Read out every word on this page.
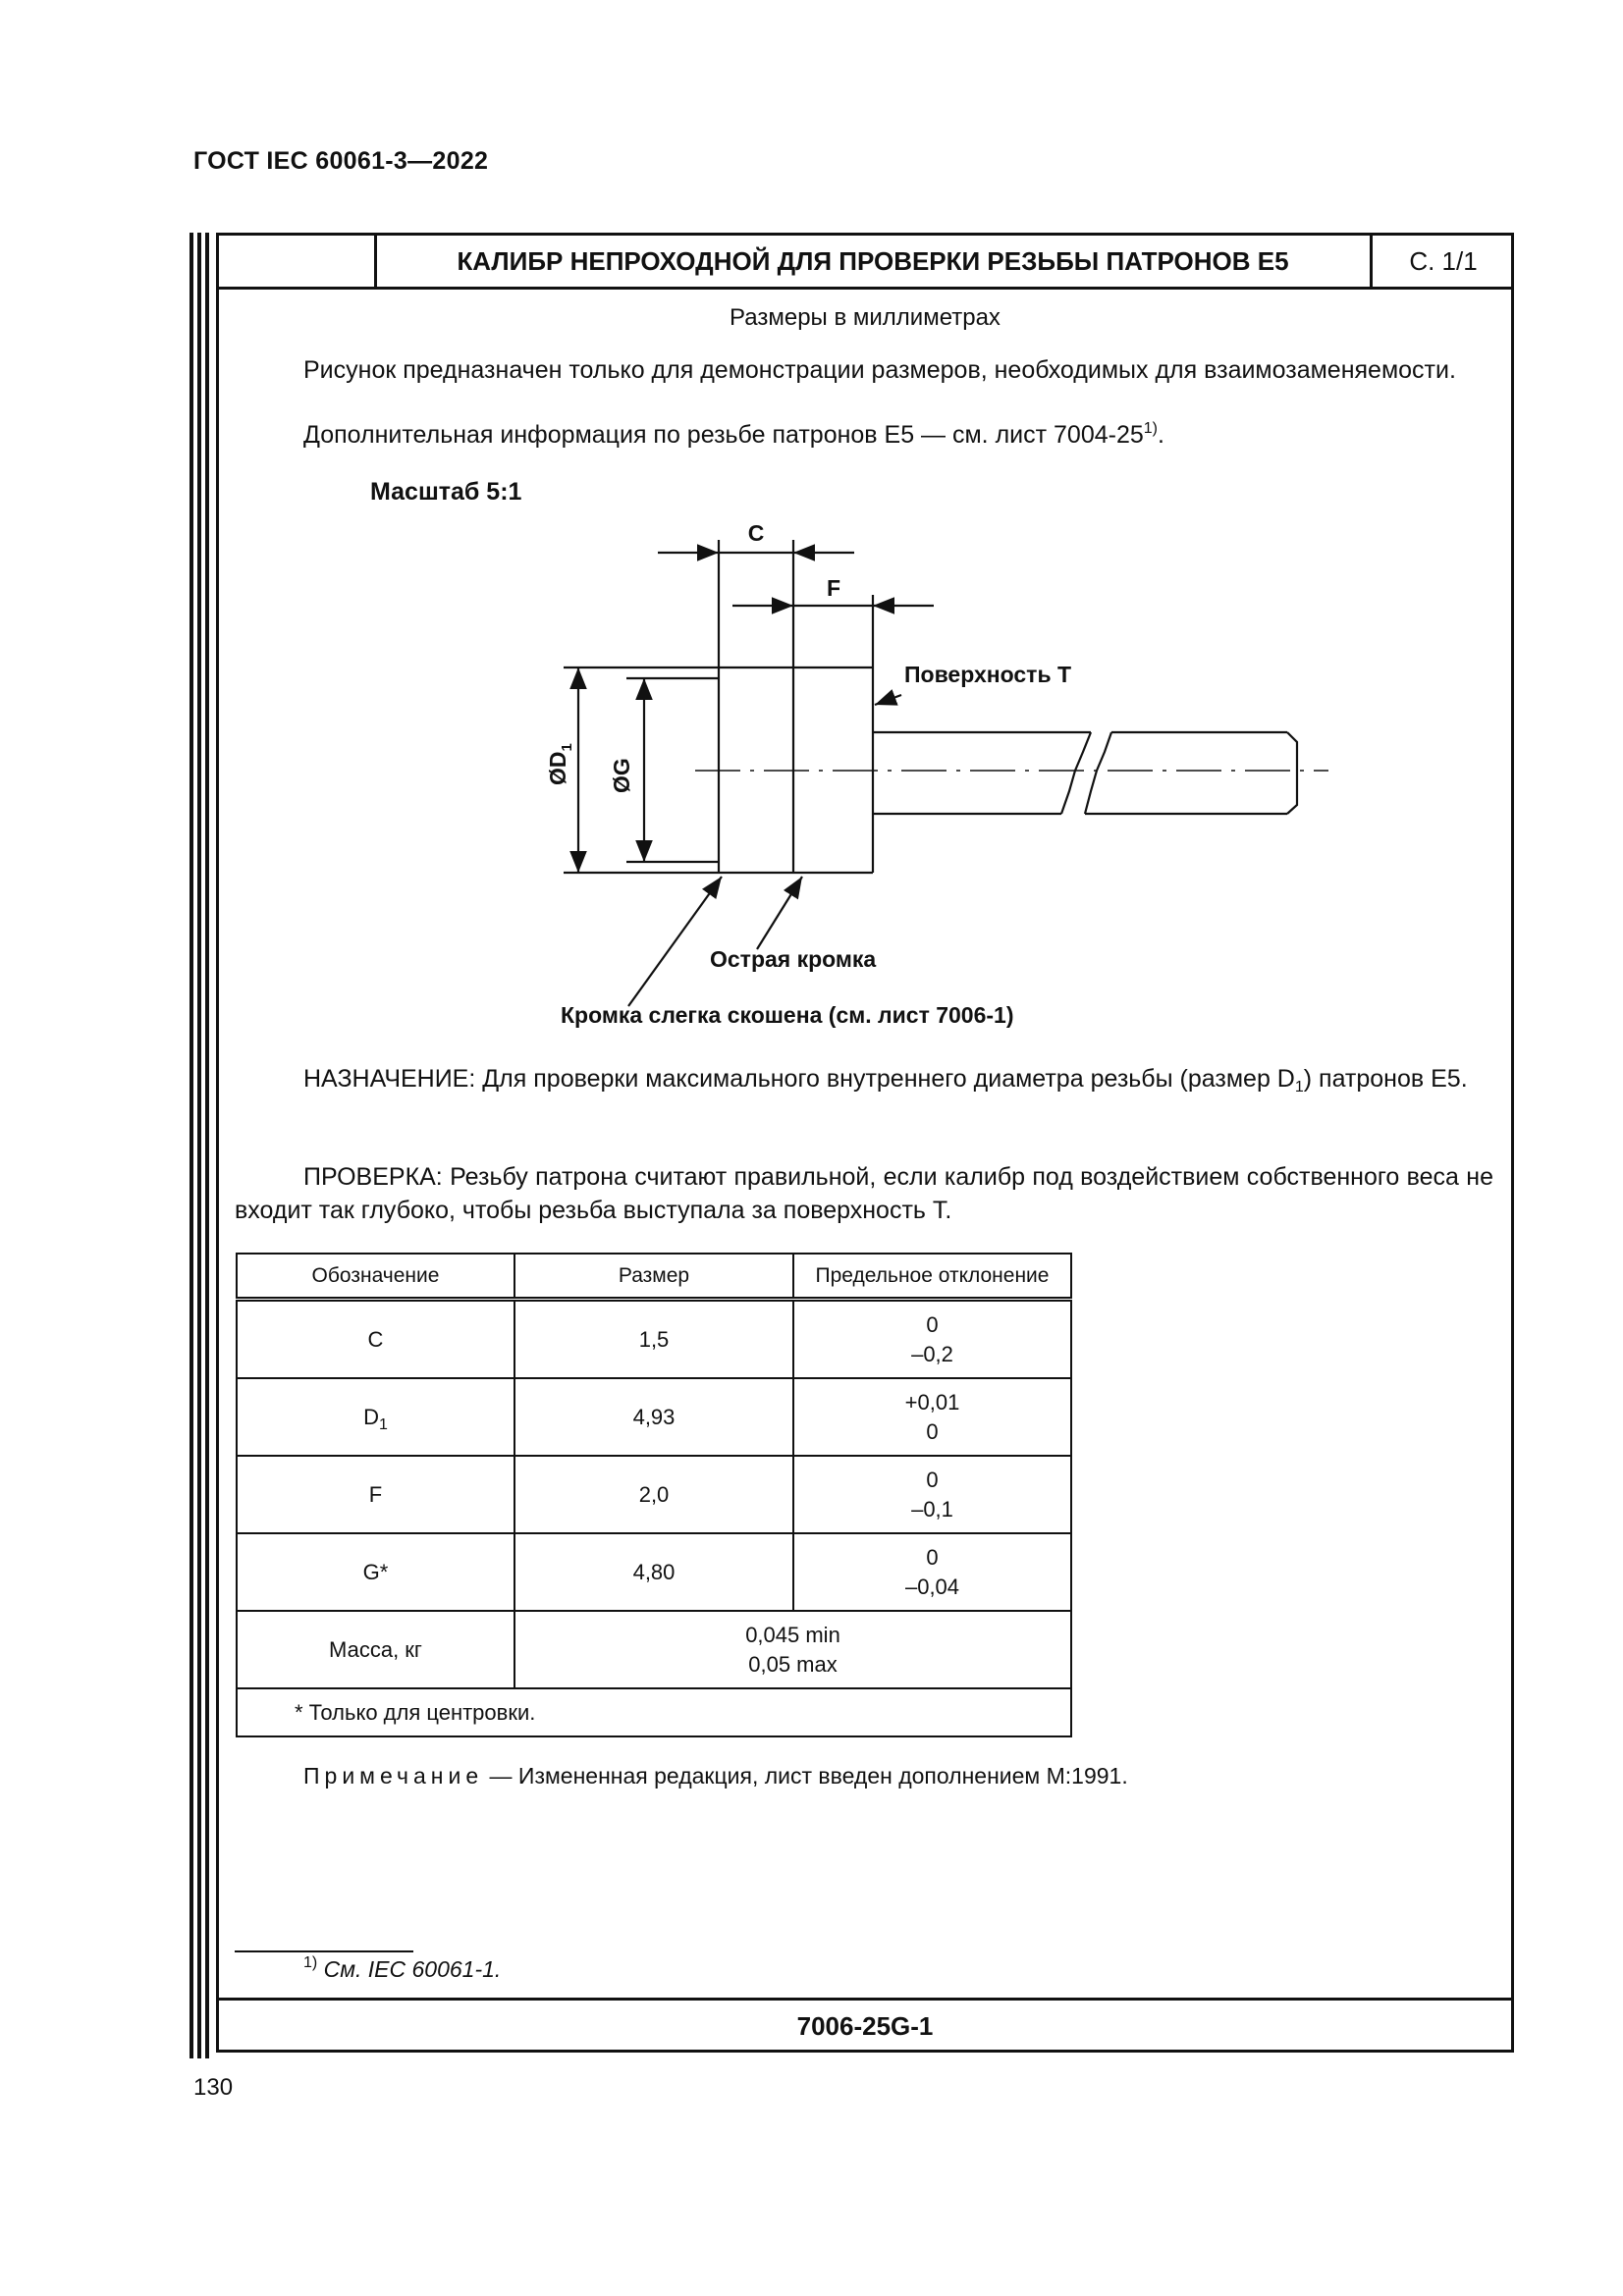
ГОСТ IEC 60061-3—2022
КАЛИБР НЕПРОХОДНОЙ ДЛЯ ПРОВЕРКИ РЕЗЬБЫ ПАТРОНОВ E5	С. 1/1
Размеры в миллиметрах
Рисунок предназначен только для демонстрации размеров, необходимых для взаимозаменяемости.
Дополнительная информация по резьбе патронов E5 — см. лист 7004-25$^{1)}$.
Масштаб 5:1
C
F
$ØD_1$
ØG
Поверхность T
Острая кромка
Кромка слегка скошена (см. лист 7006-1)
НАЗНАЧЕНИЕ: Для проверки максимального внутреннего диаметра резьбы (размер $D_1$) патронов E5.
ПРОВЕРКА: Резьбу патрона считают правильной, если калибр под воздействием собственного веса не входит так глубоко, чтобы резьба выступала за поверхность T.
Обозначение	Размер	Предельное отклонение
C	1,5	0
–0,2

$D_1$	4,93	+0,01
0

F	2,0	0
–0,1

G*	4,80	0
–0,04

Масса, кг	0,045 min
0,05 max	

* Только для центровки.		
Примечание — Измененная редакция, лист введен дополнением М:1991.
$^{1)}$ См. IEC 60061-1.
7006-25G-1
130
